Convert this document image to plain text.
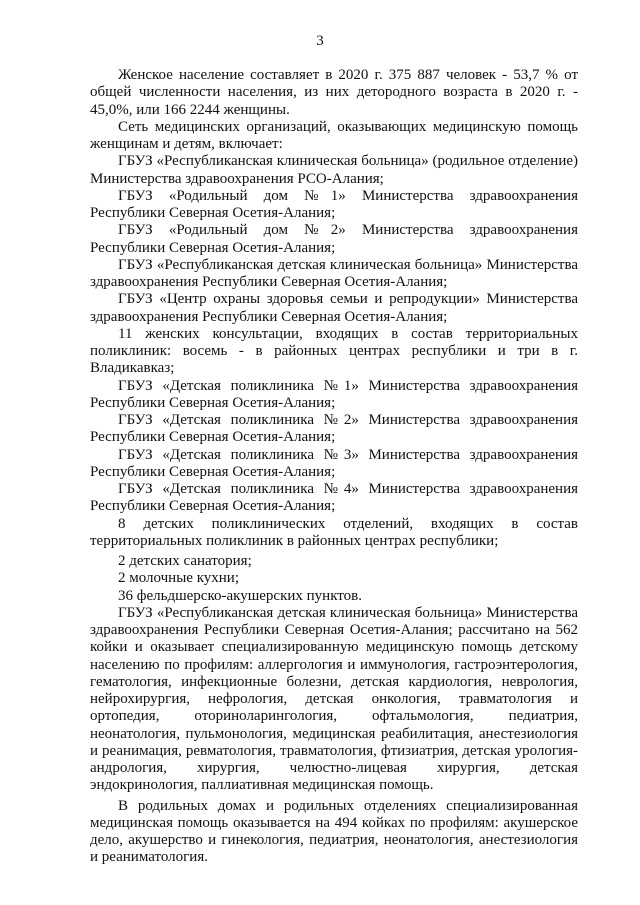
3

Женское население составляет в 2020 г. 375 887 человек - 53,7 % от общей численности населения, из них детородного возраста в 2020 г. - 45,0%, или 166 2244 женщины.

Сеть медицинских организаций, оказывающих медицинскую помощь женщинам и детям, включает:

ГБУЗ «Республиканская клиническая больница» (родильное отделение) Министерства здравоохранения РСО-Алания;

ГБУЗ «Родильный дом №1» Министерства здравоохранения Республики Северная Осетия-Алания;

ГБУЗ «Родильный дом №2» Министерства здравоохранения Республики Северная Осетия-Алания;

ГБУЗ «Республиканская детская клиническая больница» Министерства здравоохранения Республики Северная Осетия-Алания;

ГБУЗ «Центр охраны здоровья семьи и репродукции» Министерства здравоохранения Республики Северная Осетия-Алания;

11 женских консультации, входящих в состав территориальных поликлиник: восемь - в районных центрах республики и три в г. Владикавказ;

ГБУЗ «Детская поликлиника №1» Министерства здравоохранения Республики Северная Осетия-Алания;

ГБУЗ «Детская поликлиника №2» Министерства здравоохранения Республики Северная Осетия-Алания;

ГБУЗ «Детская поликлиника №3» Министерства здравоохранения Республики Северная Осетия-Алания;

ГБУЗ «Детская поликлиника №4» Министерства здравоохранения Республики Северная Осетия-Алания;

8 детских поликлинических отделений, входящих в состав территориальных поликлиник в районных центрах республики;

2 детских санатория;

2 молочные кухни;

36 фельдшерско-акушерских пунктов.

ГБУЗ «Республиканская детская клиническая больница» Министерства здравоохранения Республики Северная Осетия-Алания; рассчитано на 562 койки и оказывает специализированную медицинскую помощь детскому населению по профилям: аллергология и иммунология, гастроэнтерология, гематология, инфекционные болезни, детская кардиология, неврология, нейрохирургия, нефрология, детская онкология, травматология и ортопедия, оториноларингология, офтальмология, педиатрия, неонатология, пульмонология, медицинская реабилитация, анестезиология и реанимация, ревматология, травматология, фтизиатрия, детская урология-андрология, хирургия, челюстно-лицевая хирургия, детская эндокринология, паллиативная медицинская помощь.

В родильных домах и родильных отделениях специализированная медицинская помощь оказывается на 494 койках по профилям: акушерское дело, акушерство и гинекология, педиатрия, неонатология, анестезиология и реаниматология.
